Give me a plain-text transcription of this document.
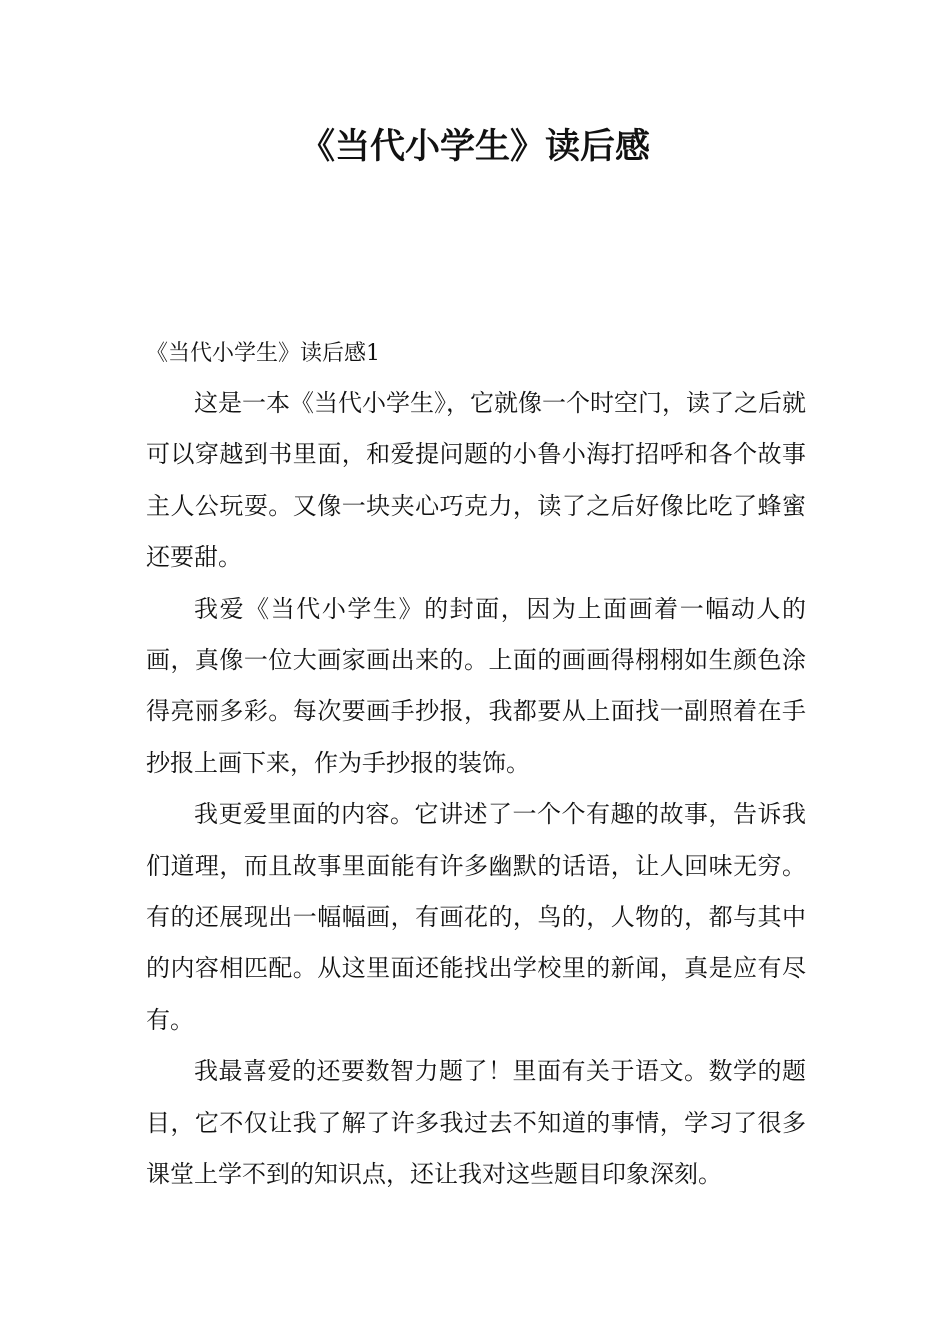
《当代小学生》读后感

《当代小学生》读后感1

这是一本《当代小学生》，它就像一个时空门，读了之后就可以穿越到书里面，和爱提问题的小鲁小海打招呼和各个故事主人公玩耍。又像一块夹心巧克力，读了之后好像比吃了蜂蜜还要甜。

我爱《当代小学生》的封面，因为上面画着一幅动人的画，真像一位大画家画出来的。上面的画画得栩栩如生颜色涂得亮丽多彩。每次要画手抄报，我都要从上面找一副照着在手抄报上画下来，作为手抄报的装饰。

我更爱里面的内容。它讲述了一个个有趣的故事，告诉我们道理，而且故事里面能有许多幽默的话语，让人回味无穷。有的还展现出一幅幅画，有画花的，鸟的，人物的，都与其中的内容相匹配。从这里面还能找出学校里的新闻，真是应有尽有。

我最喜爱的还要数智力题了！里面有关于语文。数学的题目，它不仅让我了解了许多我过去不知道的事情，学习了很多课堂上学不到的知识点，还让我对这些题目印象深刻。
